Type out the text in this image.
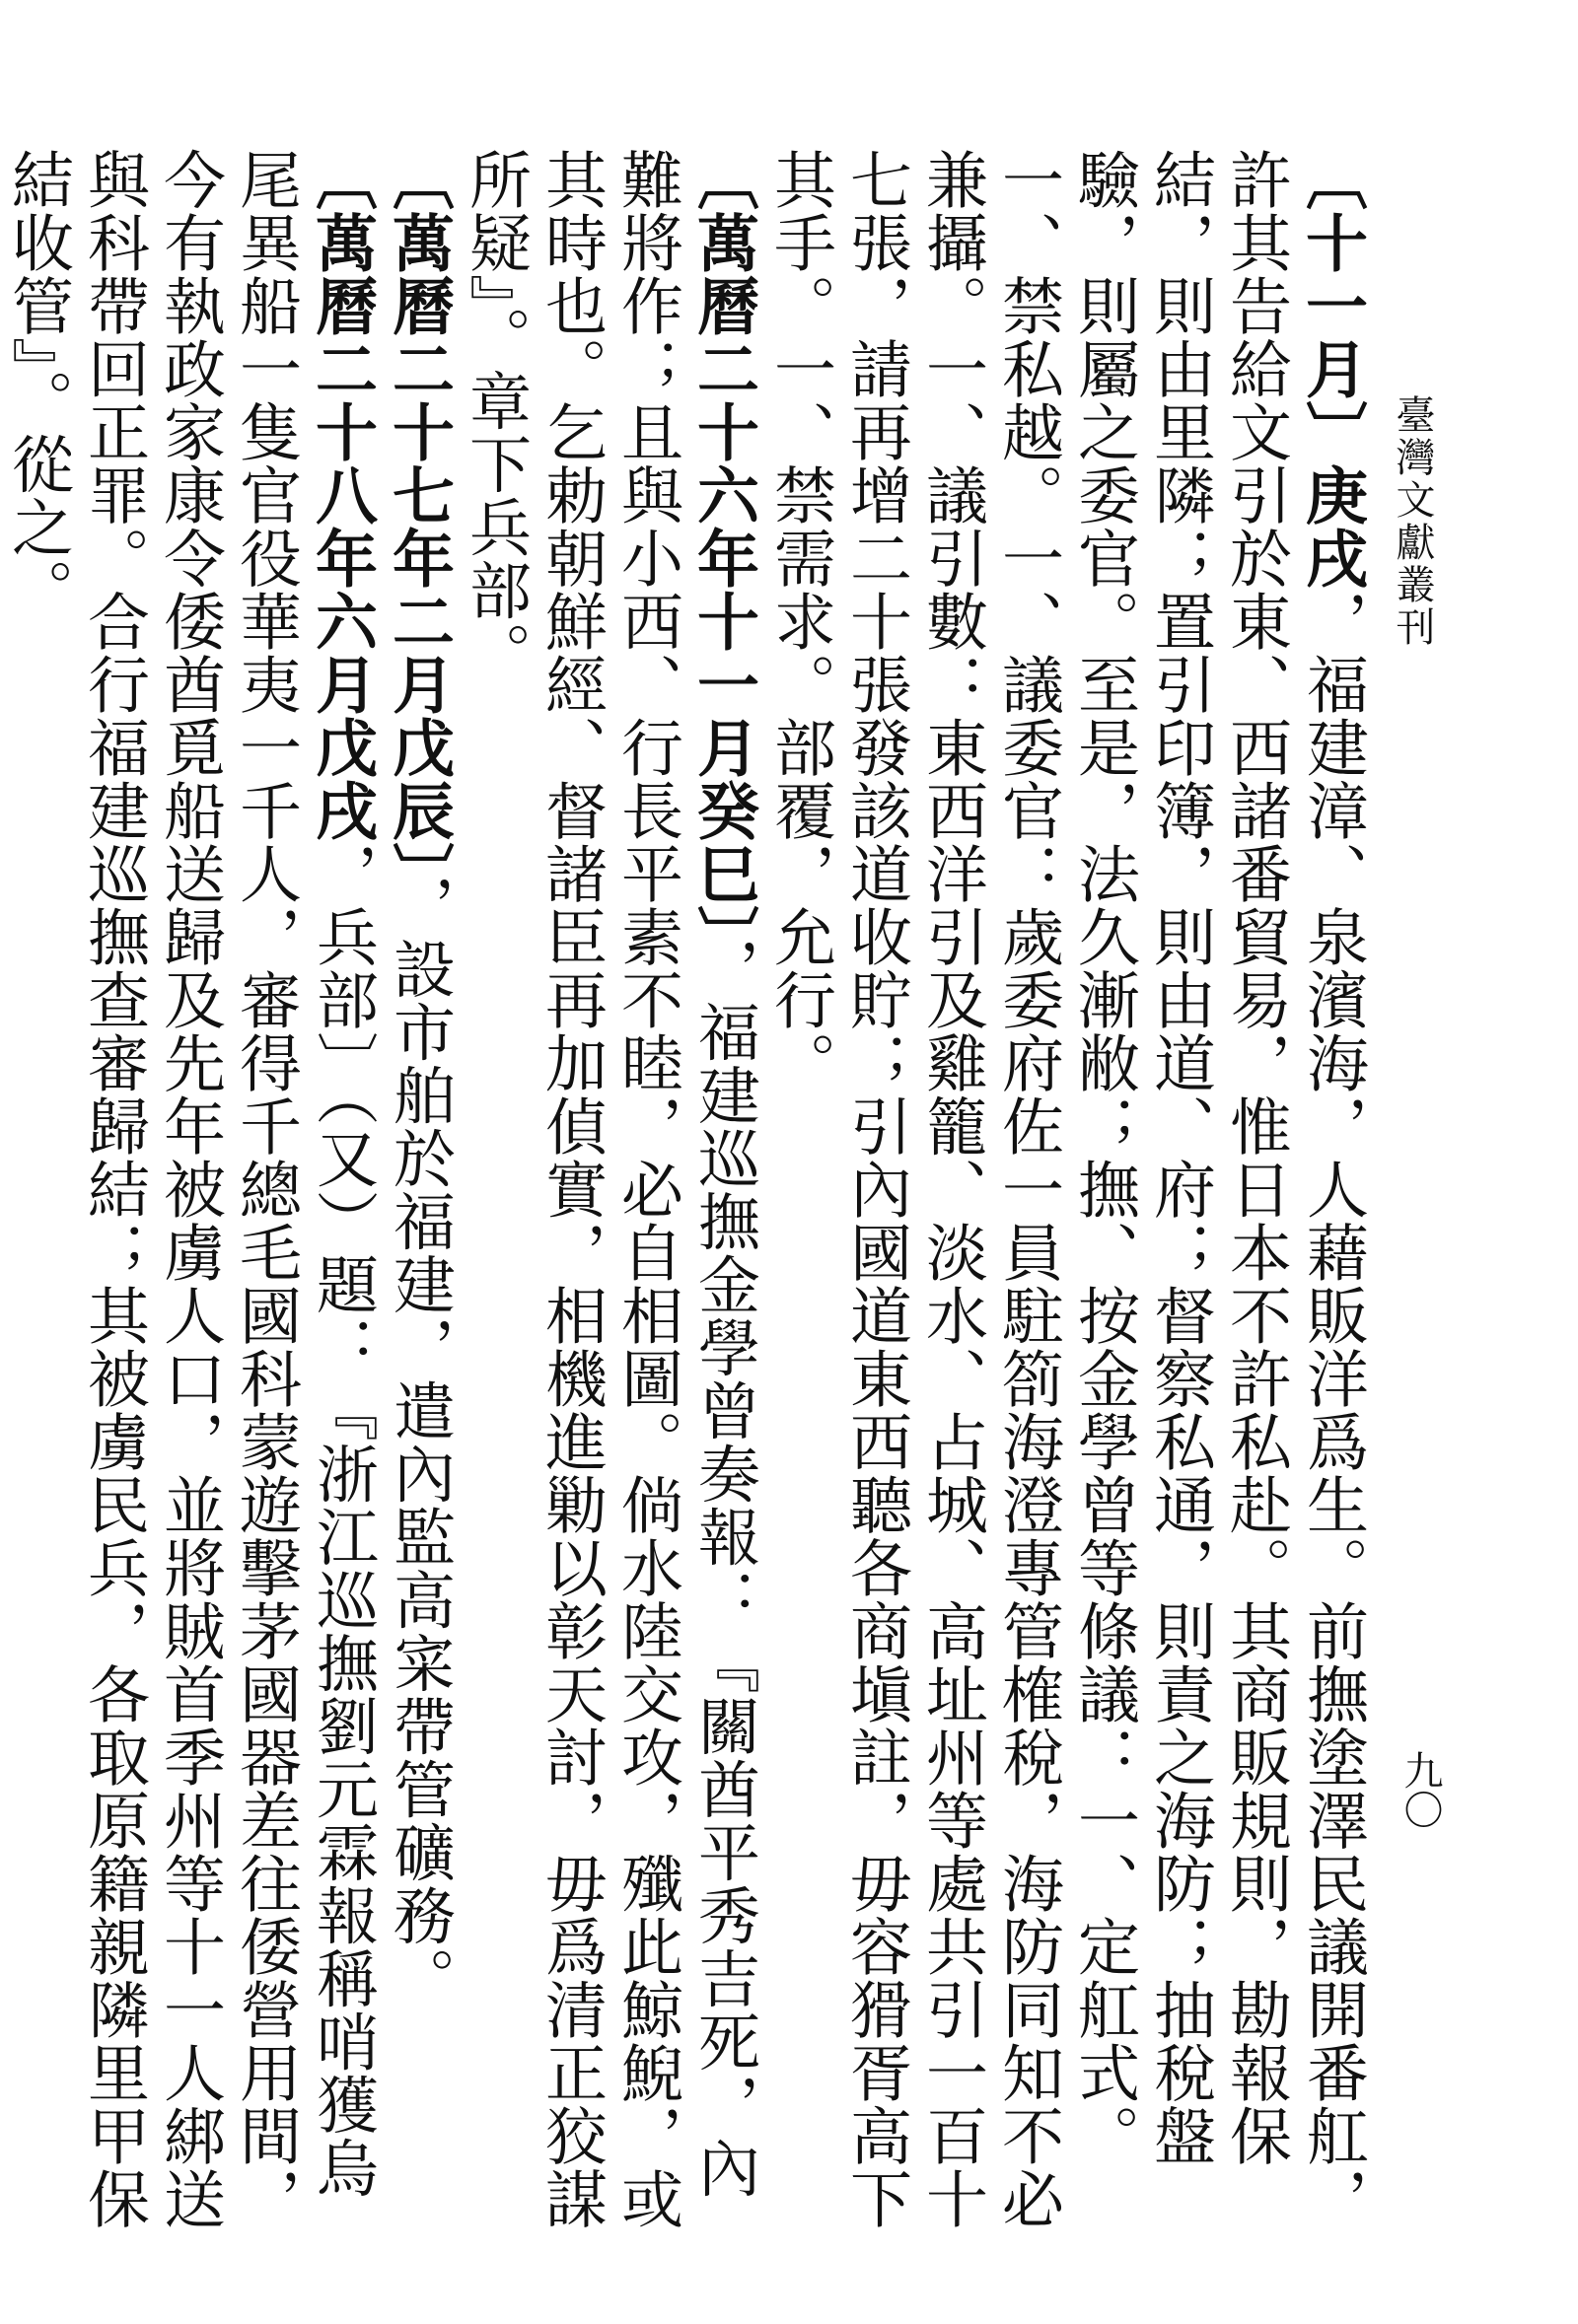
臺灣文獻叢刊
九〇

〔十一月〕庚戌，福建漳、泉濱海，人藉販洋爲生。前撫塗澤民議開番舡，許其告給文引於東、西諸番貿易，惟日本不許私赴。其商販規則，勘報保結，則由里隣；置引印簿，則由道、府；督察私通，則責之海防；抽稅盤驗，則屬之委官。至是，法久漸敝；撫、按金學曾等條議：一、定舡式。一、禁私越。一、議委官：歲委府佐一員駐箚海澄專管榷稅，海防同知不必兼攝。一、議引數：東西洋引及雞籠、淡水、占城、高址州等處共引一百十七張，請再增二十張發該道收貯；引內國道東西聽各商塡註，毋容猾胥高下其手。一、禁需求。部覆，允行。

〔萬曆二十六年十一月癸巳〕，福建巡撫金學曾奏報：『關酋平秀吉死，內難將作；且與小西、行長平素不睦，必自相圖。倘水陸交攻，殲此鯨鯢，或其時也。乞勅朝鮮經、督諸臣再加偵實，相機進勦以彰天討，毋爲清正狡謀所疑』。章下兵部。

〔萬曆二十七年二月戊辰〕，設市舶於福建，遣內監高寀帶管礦務。

〔萬曆二十八年六月戊戌，兵部〕（又）題：『浙江巡撫劉元霖報稱哨獲烏尾異船一隻官役華夷一千人，審得千總毛國科蒙遊擊茅國器差往倭營用間，今有執政家康令倭酋覓船送歸及先年被虜人口，並將賊首季州等十一人綁送與科帶回正罪。合行福建巡撫查審歸結；其被虜民兵，各取原籍親隣里甲保結收管』。從之。
